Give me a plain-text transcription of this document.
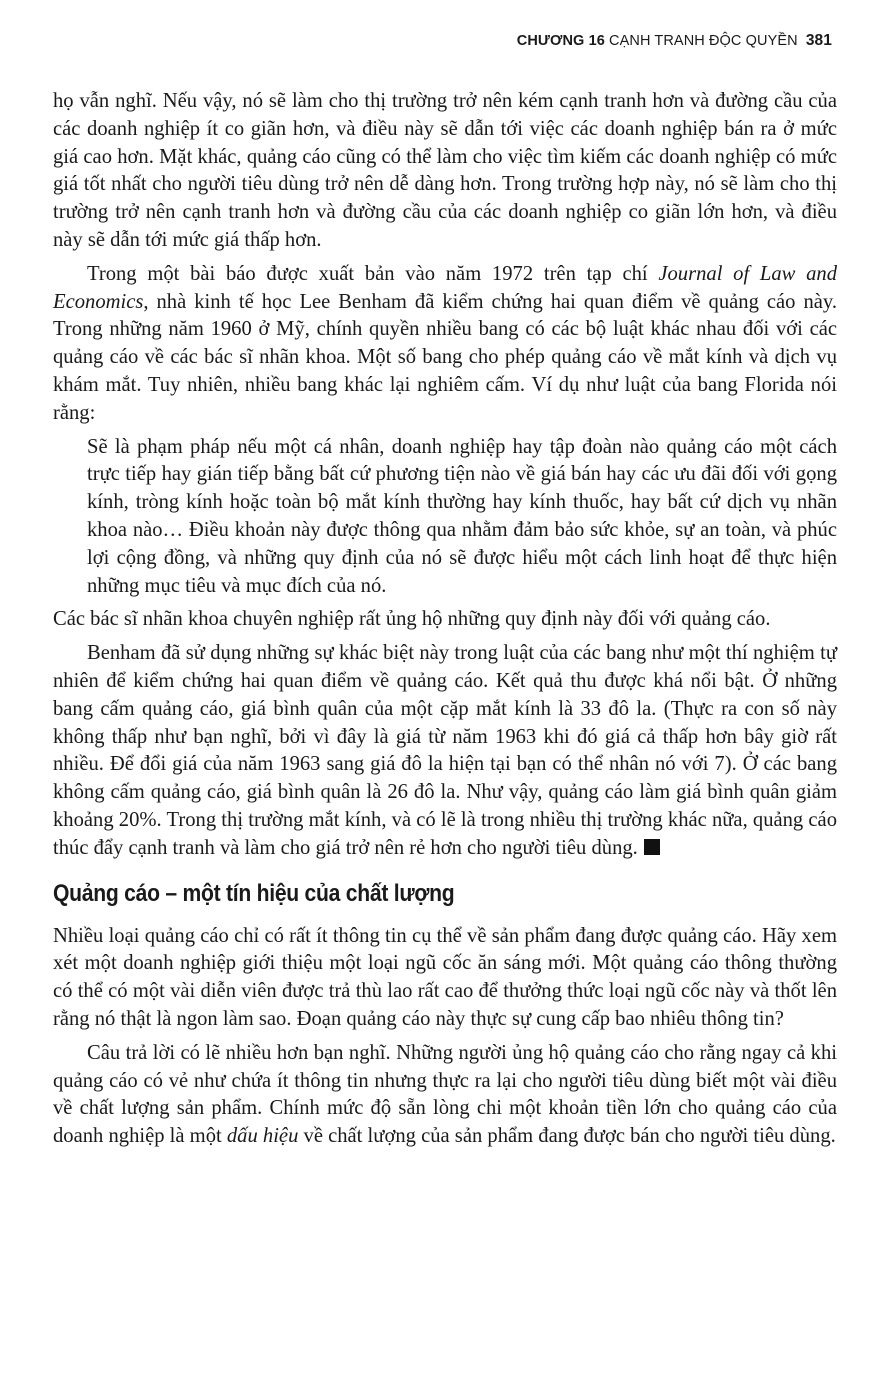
CHƯƠNG 16 CẠNH TRANH ĐỘC QUYỀN 381

họ vẫn nghĩ. Nếu vậy, nó sẽ làm cho thị trường trở nên kém cạnh tranh hơn và đường cầu của các doanh nghiệp ít co giãn hơn, và điều này sẽ dẫn tới việc các doanh nghiệp bán ra ở mức giá cao hơn. Mặt khác, quảng cáo cũng có thể làm cho việc tìm kiếm các doanh nghiệp có mức giá tốt nhất cho người tiêu dùng trở nên dễ dàng hơn. Trong trường hợp này, nó sẽ làm cho thị trường trở nên cạnh tranh hơn và đường cầu của các doanh nghiệp co giãn lớn hơn, và điều này sẽ dẫn tới mức giá thấp hơn.

Trong một bài báo được xuất bản vào năm 1972 trên tạp chí Journal of Law and Economics, nhà kinh tế học Lee Benham đã kiểm chứng hai quan điểm về quảng cáo này. Trong những năm 1960 ở Mỹ, chính quyền nhiều bang có các bộ luật khác nhau đối với các quảng cáo về các bác sĩ nhãn khoa. Một số bang cho phép quảng cáo về mắt kính và dịch vụ khám mắt. Tuy nhiên, nhiều bang khác lại nghiêm cấm. Ví dụ như luật của bang Florida nói rằng:

Sẽ là phạm pháp nếu một cá nhân, doanh nghiệp hay tập đoàn nào quảng cáo một cách trực tiếp hay gián tiếp bằng bất cứ phương tiện nào về giá bán hay các ưu đãi đối với gọng kính, tròng kính hoặc toàn bộ mắt kính thường hay kính thuốc, hay bất cứ dịch vụ nhãn khoa nào… Điều khoản này được thông qua nhằm đảm bảo sức khỏe, sự an toàn, và phúc lợi cộng đồng, và những quy định của nó sẽ được hiểu một cách linh hoạt để thực hiện những mục tiêu và mục đích của nó.

Các bác sĩ nhãn khoa chuyên nghiệp rất ủng hộ những quy định này đối với quảng cáo.

Benham đã sử dụng những sự khác biệt này trong luật của các bang như một thí nghiệm tự nhiên để kiểm chứng hai quan điểm về quảng cáo. Kết quả thu được khá nổi bật. Ở những bang cấm quảng cáo, giá bình quân của một cặp mắt kính là 33 đô la. (Thực ra con số này không thấp như bạn nghĩ, bởi vì đây là giá từ năm 1963 khi đó giá cả thấp hơn bây giờ rất nhiều. Để đổi giá của năm 1963 sang giá đô la hiện tại bạn có thể nhân nó với 7). Ở các bang không cấm quảng cáo, giá bình quân là 26 đô la. Như vậy, quảng cáo làm giá bình quân giảm khoảng 20%. Trong thị trường mắt kính, và có lẽ là trong nhiều thị trường khác nữa, quảng cáo thúc đẩy cạnh tranh và làm cho giá trở nên rẻ hơn cho người tiêu dùng.

Quảng cáo – một tín hiệu của chất lượng

Nhiều loại quảng cáo chỉ có rất ít thông tin cụ thể về sản phẩm đang được quảng cáo. Hãy xem xét một doanh nghiệp giới thiệu một loại ngũ cốc ăn sáng mới. Một quảng cáo thông thường có thể có một vài diễn viên được trả thù lao rất cao để thưởng thức loại ngũ cốc này và thốt lên rằng nó thật là ngon làm sao. Đoạn quảng cáo này thực sự cung cấp bao nhiêu thông tin?

Câu trả lời có lẽ nhiều hơn bạn nghĩ. Những người ủng hộ quảng cáo cho rằng ngay cả khi quảng cáo có vẻ như chứa ít thông tin nhưng thực ra lại cho người tiêu dùng biết một vài điều về chất lượng sản phẩm. Chính mức độ sẵn lòng chi một khoản tiền lớn cho quảng cáo của doanh nghiệp là một dấu hiệu về chất lượng của sản phẩm đang được bán cho người tiêu dùng.
